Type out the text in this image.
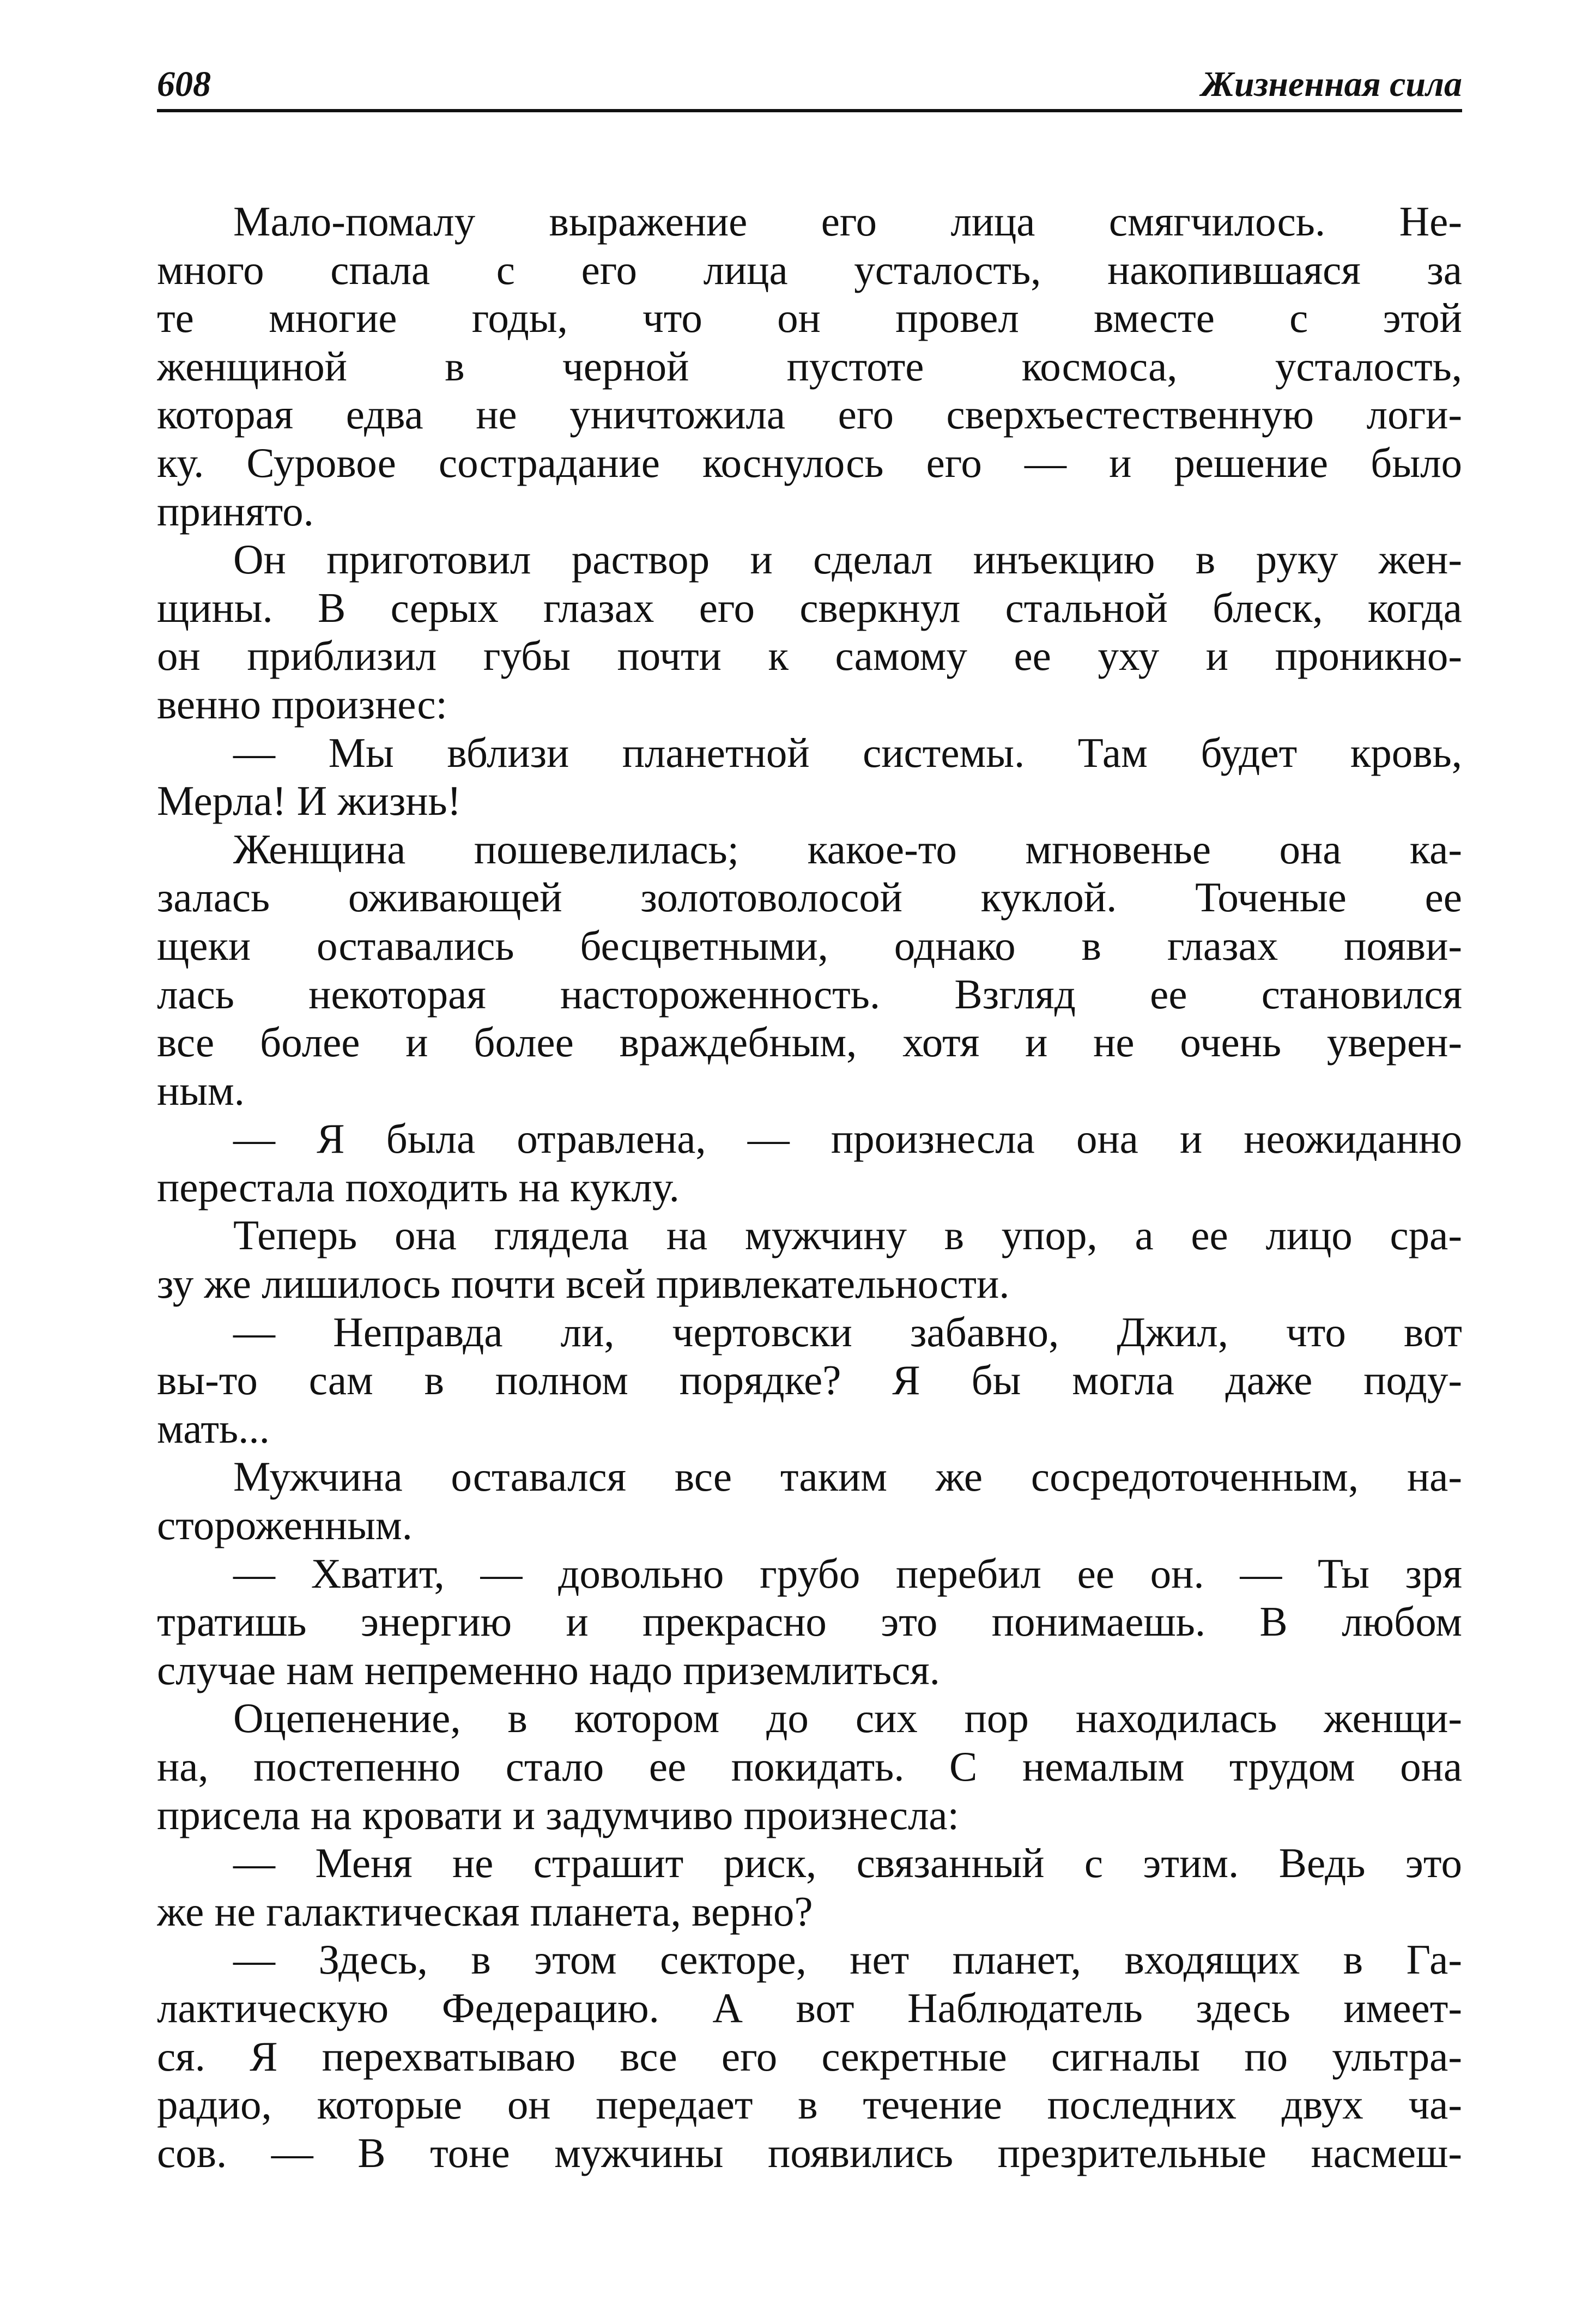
608	Жизненная сила
Мало-помалу выражение его лица смягчилось. Не-
много спала с его лица усталость, накопившаяся за
те многие годы, что он провел вместе с этой
женщиной в черной пустоте космоса, усталость,
которая едва не уничтожила его сверхъестественную логи-
ку. Суровое сострадание коснулось его — и решение было
принято.
Он приготовил раствор и сделал инъекцию в руку жен-
щины. В серых глазах его сверкнул стальной блеск, когда
он приблизил губы почти к самому ее уху и проникно-
венно произнес:
— Мы вблизи планетной системы. Там будет кровь,
Мерла! И жизнь!
Женщина пошевелилась; какое-то мгновенье она ка-
залась оживающей золотоволосой куклой. Точеные ее
щеки оставались бесцветными, однако в глазах появи-
лась некоторая настороженность. Взгляд ее становился
все более и более враждебным, хотя и не очень уверен-
ным.
— Я была отравлена, — произнесла она и неожиданно
перестала походить на куклу.
Теперь она глядела на мужчину в упор, а ее лицо сра-
зу же лишилось почти всей привлекательности.
— Неправда ли, чертовски забавно, Джил, что вот
вы-то сам в полном порядке? Я бы могла даже поду-
мать...
Мужчина оставался все таким же сосредоточенным, на-
стороженным.
— Хватит, — довольно грубо перебил ее он. — Ты зря
тратишь энергию и прекрасно это понимаешь. В любом
случае нам непременно надо приземлиться.
Оцепенение, в котором до сих пор находилась женщи-
на, постепенно стало ее покидать. С немалым трудом она
присела на кровати и задумчиво произнесла:
— Меня не страшит риск, связанный с этим. Ведь это
же не галактическая планета, верно?
— Здесь, в этом секторе, нет планет, входящих в Га-
лактическую Федерацию. А вот Наблюдатель здесь имеет-
ся. Я перехватываю все его секретные сигналы по ультра-
радио, которые он передает в течение последних двух ча-
сов. — В тоне мужчины появились презрительные насмеш-
